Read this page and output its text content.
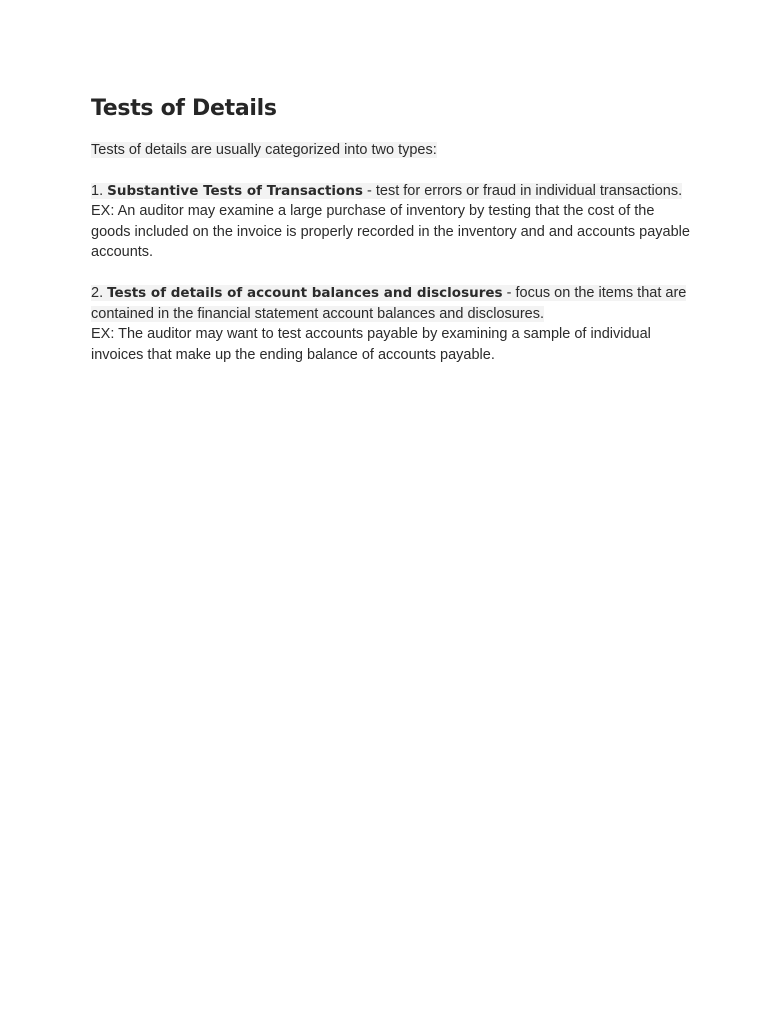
Tests of Details

Tests of details are usually categorized into two types:

1. Substantive Tests of Transactions - test for errors or fraud in individual transactions.
EX: An auditor may examine a large purchase of inventory by testing that the cost of the goods included on the invoice is properly recorded in the inventory and and accounts payable accounts.

2. Tests of details of account balances and disclosures - focus on the items that are contained in the financial statement account balances and disclosures.
EX: The auditor may want to test accounts payable by examining a sample of individual invoices that make up the ending balance of accounts payable.
